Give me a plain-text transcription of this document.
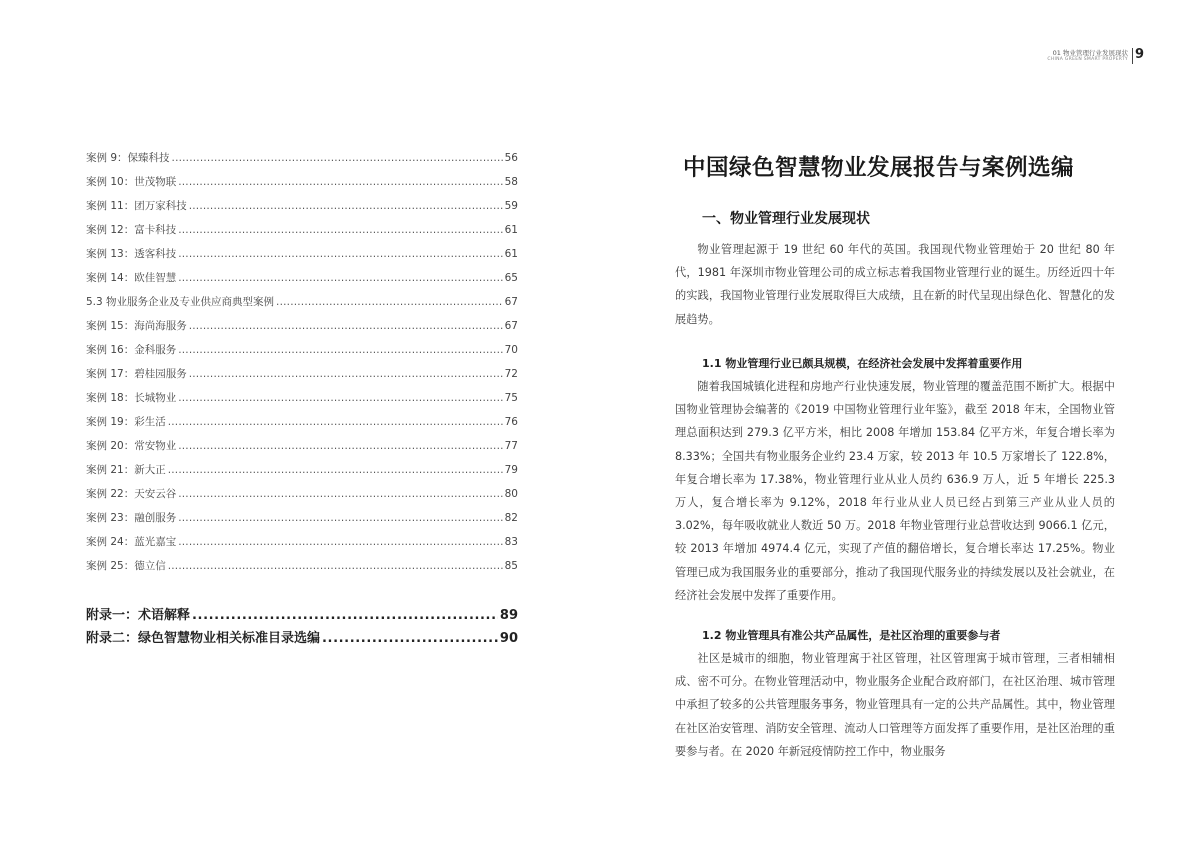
案例 9：保臻科技 .....	56
案例 10：世茂物联 .....	58
案例 11：团万家科技 .....	59
案例 12：富卡科技 .....	61
案例 13：透客科技 .....	61
案例 14：欧佳智慧 .....	65
5.3 物业服务企业及专业供应商典型案例 .....	67
案例 15：海尚海服务 .....	67
案例 16：金科服务 .....	70
案例 17：碧桂园服务 .....	72
案例 18：长城物业 .....	75
案例 19：彩生活 .....	76
案例 20：常安物业 .....	77
案例 21：新大正 .....	79
案例 22：天安云谷 .....	80
案例 23：融创服务 .....	82
案例 24：蓝光嘉宝 .....	83
案例 25：德立信 .....	85
附录一：术语解释 .....	89
附录二：绿色智慧物业相关标准目录选编 .....	90
01 物业管理行业发展现状
CHINA GREEN SMART PROPERTY 9
中国绿色智慧物业发展报告与案例选编
一、物业管理行业发展现状

物业管理起源于 19 世纪 60 年代的英国。我国现代物业管理始于 20 世纪 80 年代，1981 年深圳市物业管理公司的成立标志着我国物业管理行业的诞生。历经近四十年的实践，我国物业管理行业发展取得巨大成绩，且在新的时代呈现出绿色化、智慧化的发展趋势。

1.1 物业管理行业已颇具规模，在经济社会发展中发挥着重要作用

随着我国城镇化进程和房地产行业快速发展，物业管理的覆盖范围不断扩大。根据中国物业管理协会编著的《2019 中国物业管理行业年鉴》，截至 2018 年末，全国物业管理总面积达到 279.3 亿平方米，相比 2008 年增加 153.84 亿平方米，年复合增长率为 8.33%；全国共有物业服务企业约 23.4 万家，较 2013 年 10.5 万家增长了 122.8%，年复合增长率为 17.38%，物业管理行业从业人员约 636.9 万人，近 5 年增长 225.3 万人，复合增长率为 9.12%，2018 年行业从业人员已经占到第三产业从业人员的 3.02%，每年吸收就业人数近 50 万。2018 年物业管理行业总营收达到 9066.1 亿元，较 2013 年增加 4974.4 亿元，实现了产值的翻倍增长，复合增长率达 17.25%。物业管理已成为我国服务业的重要部分，推动了我国现代服务业的持续发展以及社会就业，在经济社会发展中发挥了重要作用。

1.2 物业管理具有准公共产品属性，是社区治理的重要参与者

社区是城市的细胞，物业管理寓于社区管理，社区管理寓于城市管理，三者相辅相成、密不可分。在物业管理活动中，物业服务企业配合政府部门，在社区治理、城市管理中承担了较多的公共管理服务事务，物业管理具有一定的公共产品属性。其中，物业管理在社区治安管理、消防安全管理、流动人口管理等方面发挥了重要作用，是社区治理的重要参与者。在 2020 年新冠疫情防控工作中，物业服务
